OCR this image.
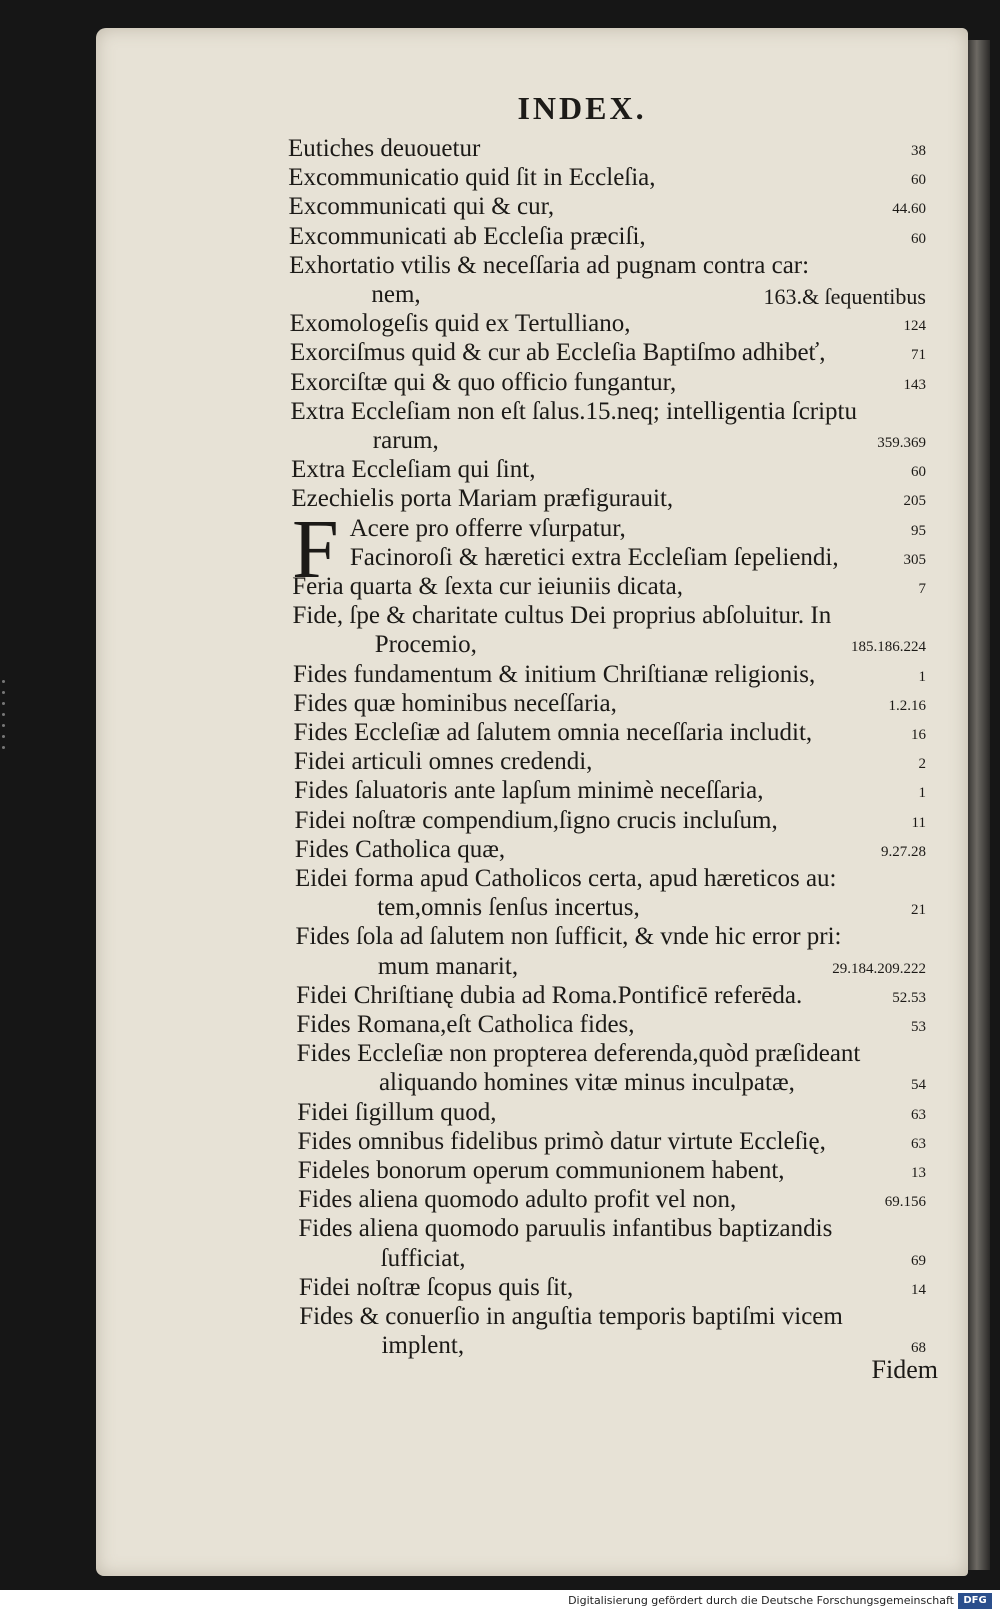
INDEX.
F
Eutiches deuouetur	38
Excommunicatio quid ſit in Eccleſia,	60
Excommunicati qui & cur,	44.60
Excommunicati ab Eccleſia præciſi,	60
Exhortatio vtilis & neceſſaria ad pugnam contra car:
nem,	163.& ſequentibus
Exomologeſis quid ex Tertulliano,	124
Exorciſmus quid & cur ab Eccleſia Baptiſmo adhibeť,	71
Exorciſtæ qui & quo officio fungantur,	143
Extra Eccleſiam non eſt ſalus.15.neq; intelligentia ſcriptu
rarum,	359.369
Extra Eccleſiam qui ſint,	60
Ezechielis porta Mariam præfigurauit,	205
Acere pro offerre vſurpatur,	95
Facinoroſi & hæretici extra Eccleſiam ſepeliendi,	305
Feria quarta & ſexta cur ieiuniis dicata,	7
Fide, ſpe & charitate cultus Dei proprius abſoluitur. In
Procemio,	185.186.224
Fides fundamentum & initium Chriſtianæ religionis,	1
Fides quæ hominibus neceſſaria,	1.2.16
Fides Eccleſiæ ad ſalutem omnia neceſſaria includit,	16
Fidei articuli omnes credendi,	2
Fides ſaluatoris ante lapſum minimè neceſſaria,	1
Fidei noſtræ compendium,ſigno crucis incluſum,	11
Fides Catholica quæ,	9.27.28
Eidei forma apud Catholicos certa, apud hæreticos au:
tem,omnis ſenſus incertus,	21
Fides ſola ad ſalutem non ſufficit, & vnde hic error pri:
mum manarit,	29.184.209.222
Fidei Chriſtianę dubia ad Roma.Pontificē referēda.	52.53
Fides Romana,eſt Catholica fides,	53
Fides Eccleſiæ non propterea deferenda,quòd præſideant
aliquando homines vitæ minus inculpatæ,	54
Fidei ſigillum quod,	63
Fides omnibus fidelibus primò datur virtute Eccleſię,	63
Fideles bonorum operum communionem habent,	13
Fides aliena quomodo adulto profit vel non,	69.156
Fides aliena quomodo paruulis infantibus baptizandis
ſufficiat,	69
Fidei noſtræ ſcopus quis ſit,	14
Fides & conuerſio in anguſtia temporis baptiſmi vicem
implent,	68
Fidem
Digitalisierung gefördert durch die Deutsche Forschungsgemeinschaft DFG
